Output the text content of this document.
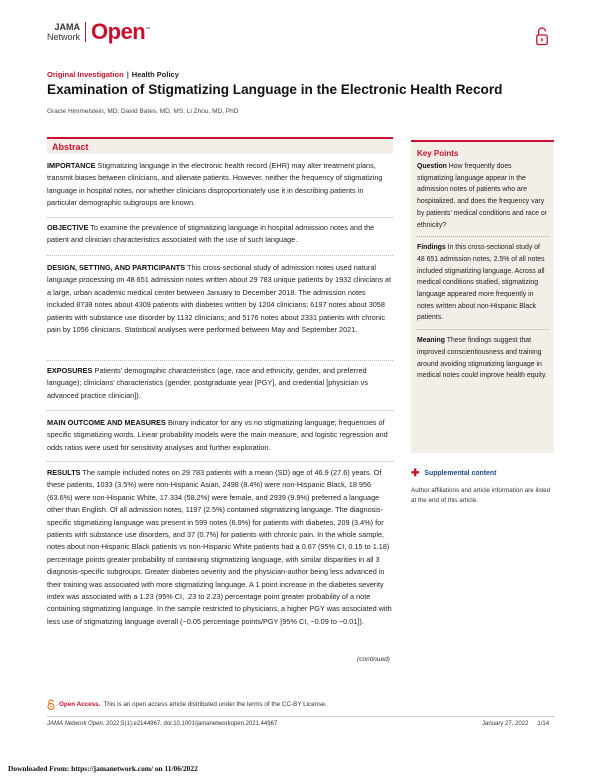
JAMA
Network Open™
Original Investigation | Health Policy
Examination of Stigmatizing Language in the Electronic Health Record
Gracie Himmelstein, MD; David Bates, MD, MS; Li Zhou, MD, PhD
Abstract
IMPORTANCE Stigmatizing language in the electronic health record (EHR) may alter treatment plans, transmit biases between clinicians, and alienate patients. However, neither the frequency of stigmatizing language in hospital notes, nor whether clinicians disproportionately use it in describing patients in particular demographic subgroups are known.
OBJECTIVE To examine the prevalence of stigmatizing language in hospital admission notes and the patient and clinician characteristics associated with the use of such language.
DESIGN, SETTING, AND PARTICIPANTS This cross-sectional study of admission notes used natural language processing on 48 651 admission notes written about 29 783 unique patients by 1932 clinicians at a large, urban academic medical center between January to December 2018. The admission notes included 8738 notes about 4309 patients with diabetes written by 1204 clinicians; 6197 notes about 3058 patients with substance use disorder by 1132 clinicians; and 5176 notes about 2331 patients with chronic pain by 1056 clinicians. Statistical analyses were performed between May and September 2021.
EXPOSURES Patients’ demographic characteristics (age, race and ethnicity, gender, and preferred language); clinicians’ characteristics (gender, postgraduate year [PGY], and credential [physician vs advanced practice clinician]).
MAIN OUTCOME AND MEASURES Binary indicator for any vs no stigmatizing language; frequencies of specific stigmatizing words. Linear probability models were the main measure, and logistic regression and odds ratios were used for sensitivity analyses and further exploration.
RESULTS The sample included notes on 29 783 patients with a mean (SD) age of 46.9 (27.6) years. Of these patients, 1033 (3.5%) were non-Hispanic Asian, 2498 (8.4%) were non-Hispanic Black, 18 956 (63.6%) were non-Hispanic White, 17 334 (58.2%) were female, and 2939 (9.9%) preferred a language other than English. Of all admission notes, 1197 (2.5%) contained stigmatizing language. The diagnosis-specific stigmatizing language was present in 599 notes (6.9%) for patients with diabetes, 209 (3.4%) for patients with substance use disorders, and 37 (0.7%) for patients with chronic pain. In the whole sample, notes about non-Hispanic Black patients vs non-Hispanic White patients had a 0.67 (95% CI, 0.15 to 1.18) percentage points greater probability of containing stigmatizing language, with similar disparities in all 3 diagnosis-specific subgroups. Greater diabetes severity and the physician-author being less advanced in their training was associated with more stigmatizing language. A 1 point increase in the diabetes severity index was associated with a 1.23 (95% CI, .23 to 2.23) percentage point greater probability of a note containing stigmatizing language. In the sample restricted to physicians, a higher PGY was associated with less use of stigmatizing language overall (−0.05 percentage points/PGY [95% CI, −0.09 to −0.01]).
(continued)
Key Points
Question How frequently does stigmatizing language appear in the admission notes of patients who are hospitalized, and does the frequency vary by patients’ medical conditions and race or ethnicity?
Findings In this cross-sectional study of 48 651 admission notes, 2.5% of all notes included stigmatizing language. Across all medical conditions studied, stigmatizing language appeared more frequently in notes written about non-Hispanic Black patients.
Meaning These findings suggest that improved conscientiousness and training around avoiding stigmatizing language in medical notes could improve health equity.
✚ Supplemental content
Author affiliations and article information are listed at the end of this article.
Open Access. This is an open access article distributed under the terms of the CC-BY License.
JAMA Network Open. 2022;5(1):e2144967. doi:10.1001/jamanetworkopen.2021.44967	January 27, 2022 1/14
Downloaded From: https://jamanetwork.com/ on 11/06/2022
